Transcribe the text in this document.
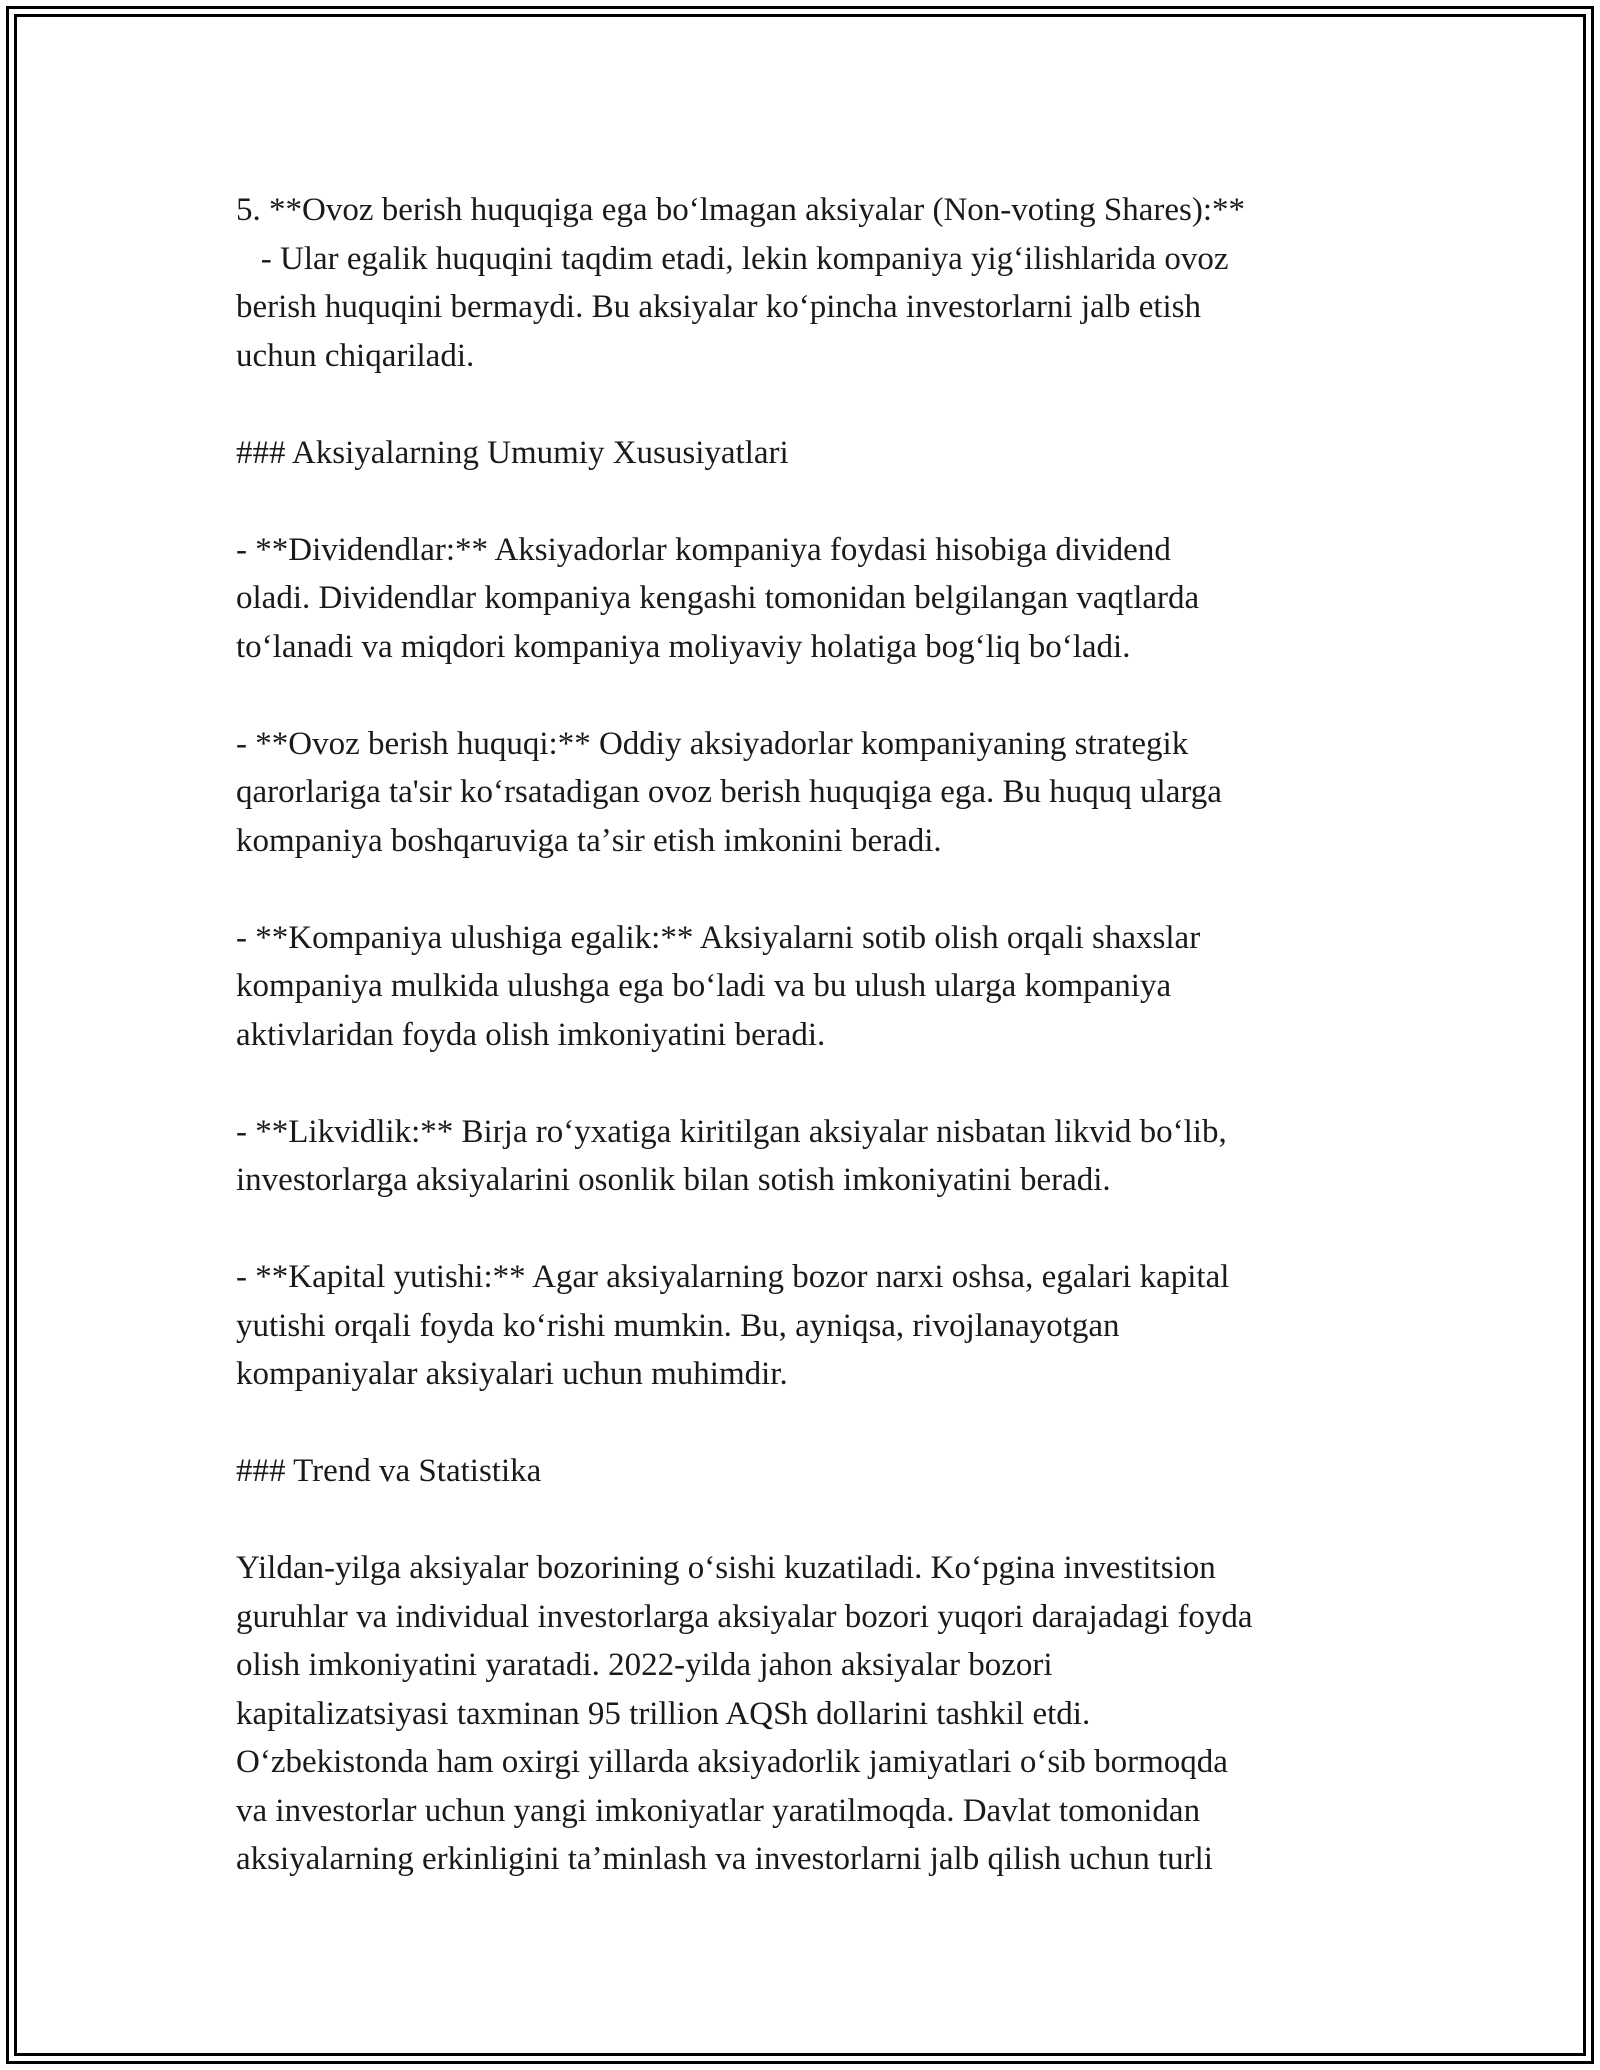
5. **Ovoz berish huquqiga ega boʻlmagan aksiyalar (Non-voting Shares):**
- Ular egalik huquqini taqdim etadi, lekin kompaniya yigʻilishlarida ovoz
berish huquqini bermaydi. Bu aksiyalar koʻpincha investorlarni jalb etish
uchun chiqariladi.

### Aksiyalarning Umumiy Xususiyatlari

- **Dividendlar:** Aksiyadorlar kompaniya foydasi hisobiga dividend
oladi. Dividendlar kompaniya kengashi tomonidan belgilangan vaqtlarda
toʻlanadi va miqdori kompaniya moliyaviy holatiga bogʻliq boʻladi.

- **Ovoz berish huquqi:** Oddiy aksiyadorlar kompaniyaning strategik
qarorlariga ta'sir koʻrsatadigan ovoz berish huquqiga ega. Bu huquq ularga
kompaniya boshqaruviga taʼsir etish imkonini beradi.

- **Kompaniya ulushiga egalik:** Aksiyalarni sotib olish orqali shaxslar
kompaniya mulkida ulushga ega boʻladi va bu ulush ularga kompaniya
aktivlaridan foyda olish imkoniyatini beradi.

- **Likvidlik:** Birja roʻyxatiga kiritilgan aksiyalar nisbatan likvid boʻlib,
investorlarga aksiyalarini osonlik bilan sotish imkoniyatini beradi.

- **Kapital yutishi:** Agar aksiyalarning bozor narxi oshsa, egalari kapital
yutishi orqali foyda koʻrishi mumkin. Bu, ayniqsa, rivojlanayotgan
kompaniyalar aksiyalari uchun muhimdir.

### Trend va Statistika

Yildan-yilga aksiyalar bozorining oʻsishi kuzatiladi. Koʻpgina investitsion
guruhlar va individual investorlarga aksiyalar bozori yuqori darajadagi foyda
olish imkoniyatini yaratadi. 2022-yilda jahon aksiyalar bozori
kapitalizatsiyasi taxminan 95 trillion AQSh dollarini tashkil etdi.
Oʻzbekistonda ham oxirgi yillarda aksiyadorlik jamiyatlari oʻsib bormoqda
va investorlar uchun yangi imkoniyatlar yaratilmoqda. Davlat tomonidan
aksiyalarning erkinligini taʼminlash va investorlarni jalb qilish uchun turli
